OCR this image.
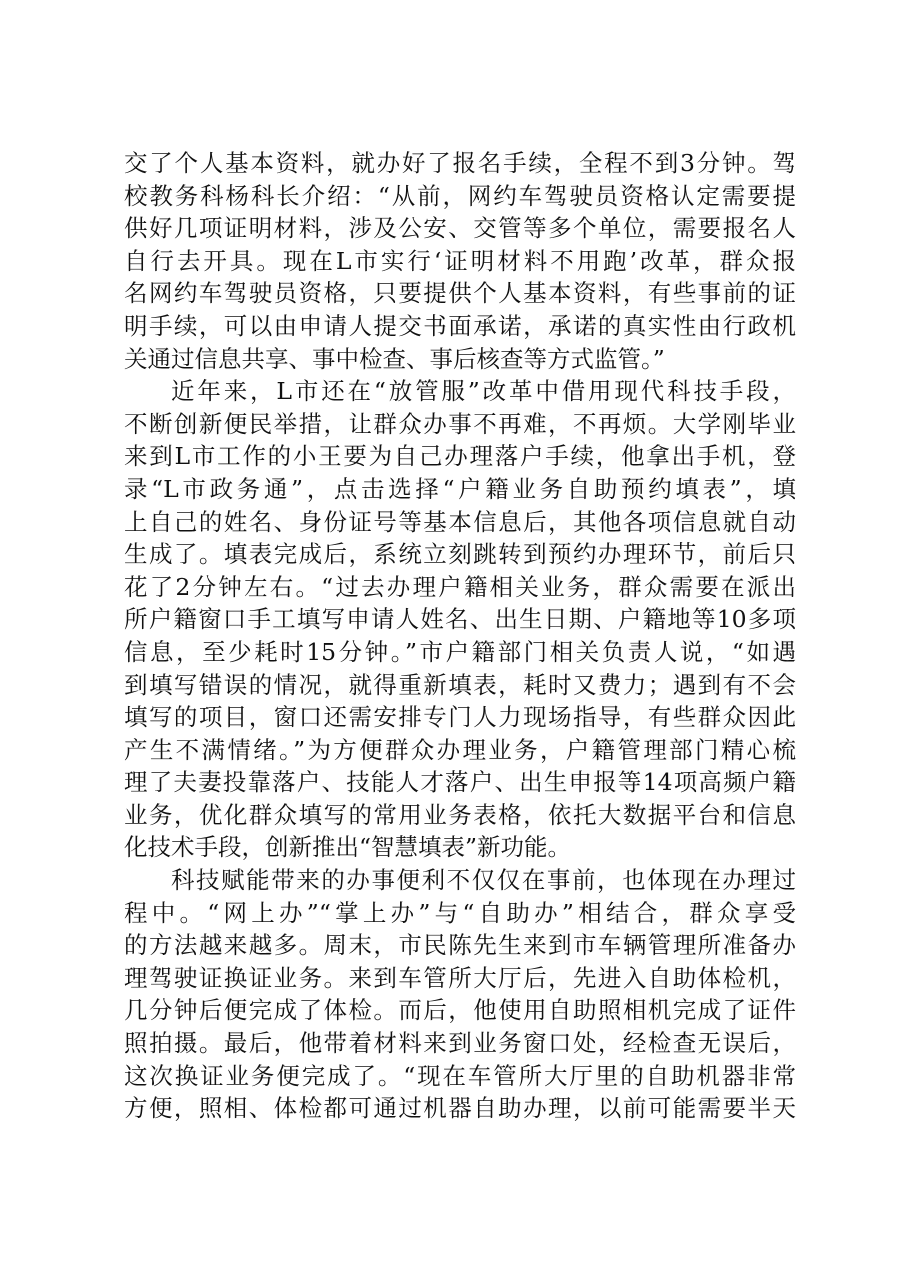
交了个人基本资料，就办好了报名手续，全程不到3分钟。驾
校教务科杨科长介绍：“从前，网约车驾驶员资格认定需要提
供好几项证明材料，涉及公安、交管等多个单位，需要报名人
自行去开具。现在L市实行‘证明材料不用跑’改革，群众报
名网约车驾驶员资格，只要提供个人基本资料，有些事前的证
明手续，可以由申请人提交书面承诺，承诺的真实性由行政机
关通过信息共享、事中检查、事后核查等方式监管。”
近年来，L市还在“放管服”改革中借用现代科技手段，
不断创新便民举措，让群众办事不再难，不再烦。大学刚毕业
来到L市工作的小王要为自己办理落户手续，他拿出手机，登
录“L市政务通”，点击选择“户籍业务自助预约填表”，填
上自己的姓名、身份证号等基本信息后，其他各项信息就自动
生成了。填表完成后，系统立刻跳转到预约办理环节，前后只
花了2分钟左右。“过去办理户籍相关业务，群众需要在派出
所户籍窗口手工填写申请人姓名、出生日期、户籍地等10多项
信息，至少耗时15分钟。”市户籍部门相关负责人说，“如遇
到填写错误的情况，就得重新填表，耗时又费力；遇到有不会
填写的项目，窗口还需安排专门人力现场指导，有些群众因此
产生不满情绪。”为方便群众办理业务，户籍管理部门精心梳
理了夫妻投靠落户、技能人才落户、出生申报等14项高频户籍
业务，优化群众填写的常用业务表格，依托大数据平台和信息
化技术手段，创新推出“智慧填表”新功能。
科技赋能带来的办事便利不仅仅在事前，也体现在办理过
程中。“网上办”“掌上办”与“自助办”相结合，群众享受
的方法越来越多。周末，市民陈先生来到市车辆管理所准备办
理驾驶证换证业务。来到车管所大厅后，先进入自助体检机，
几分钟后便完成了体检。而后，他使用自助照相机完成了证件
照拍摄。最后，他带着材料来到业务窗口处，经检查无误后，
这次换证业务便完成了。“现在车管所大厅里的自助机器非常
方便，照相、体检都可通过机器自助办理，以前可能需要半天
